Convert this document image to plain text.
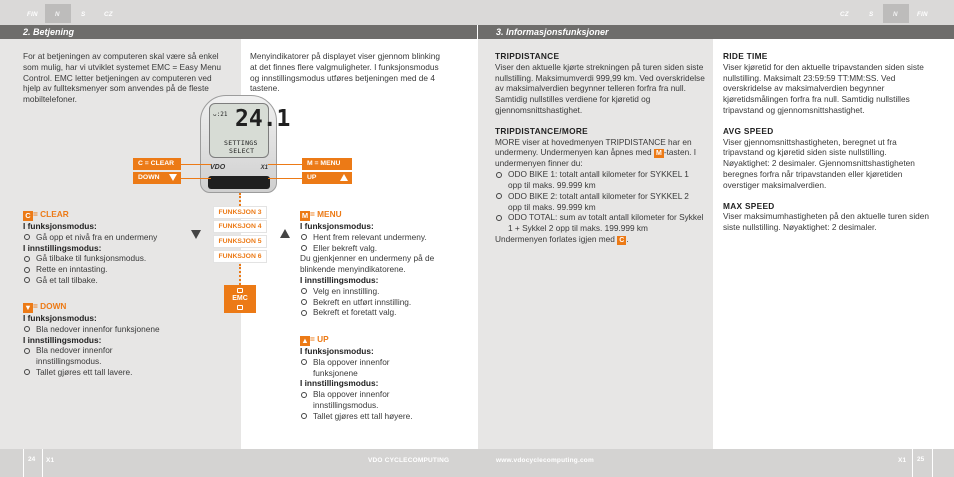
FIN	N	S	CZ	CZ	S	N	FIN
2. Betjening	3. Informasjonsfunksjoner

For at betjeningen av computeren skal være så enkel som mulig, har vi utviklet systemet EMC = Easy Menu Control. EMC letter betjeningen av computeren ved hjelp av fullteksmenyer som anvendes på de fleste mobiltelefoner.

C = CLEAR

I funksjonsmodus:

Gå opp et nivå fra en undermeny

I innstillingsmodus:

Gå tilbake til funksjonsmodus.
Rette en inntasting.
Gå et tall tilbake.

▼= DOWN

I funksjonsmodus:

Bla nedover innenfor funksjonene

I innstillingsmodus:

Bla nedover innenfor innstillingsmodus.
Tallet gjøres ett tall lavere.

Menyindikatorer på displayet viser gjennom blinking at det finnes flere valgmuligheter. I funksjonsmodus og innstillingsmodus utføres betjeningen med de 4 tastene.

M = MENU

I funksjonsmodus:

Hent frem relevant undermeny.
Eller bekreft valg.

Du gjenkjenner en undermeny på de blinkende menyindikatorene.

I innstillingsmodus:

Velg en innstilling.
Bekreft en utført innstilling.
Bekreft et foretatt valg.

▲= UP

I funksjonsmodus:

Bla oppover innenfor funksjonene

I innstillingsmodus:

Bla oppover innenfor innstillingsmodus.
Tallet gjøres ett tall høyere.
ᴗ:21 24.1
SETTINGS
SELECT
VDO	X1
C = CLEAR
DOWN
M = MENU
UP
FUNKSJON 3
FUNKSJON 4
FUNKSJON 5
FUNKSJON 6
EMC

TRIPDISTANCE

Viser den aktuelle kjørte strekningen på turen siden siste nullstilling. Maksimumverdi 999,99 km. Ved overskridelse av maksimalverdien begynner telleren forfra fra null. Samtidig nullstilles verdiene for kjøretid og gjennomsnittshastighet.

TRIPDISTANCE/MORE

MORE viser at hovedmenyen TRIPDISTANCE har en undermeny. Undermenyen kan åpnes med M -tasten. I undermenyen finner du:

ODO BIKE 1: totalt antall kilometer for SYKKEL 1 opp til maks. 99.999 km
ODO BIKE 2: totalt antall kilometer for SYKKEL 2 opp til maks. 99.999 km
ODO TOTAL: sum av totalt antall kilometer for Sykkel 1 + Sykkel 2 opp til maks. 199.999 km

Undermenyen forlates igjen med C .

RIDE TIME

Viser kjøretid for den aktuelle tripavstanden siden siste nullstilling. Maksimalt 23:59:59 TT:MM:SS. Ved overskridelse av maksimalverdien begynner kjøretidsmålingen forfra fra null. Samtidig nullstilles tripavstand og gjennomsnittshastighet.

AVG SPEED

Viser gjennomsnittshastigheten, beregnet ut fra tripavstand og kjøretid siden siste nullstilling. Nøyaktighet: 2 desimaler. Gjennomsnittshastigheten beregnes forfra når tripavstanden eller kjøretiden overstiger maksimalverdien.

MAX SPEED

Viser maksimumhastigheten på den aktuelle turen siden siste nullstilling. Nøyaktighet: 2 desimaler.

24 X1	VDO CYCLECOMPUTING	www.vdocyclecomputing.com	X1 25
